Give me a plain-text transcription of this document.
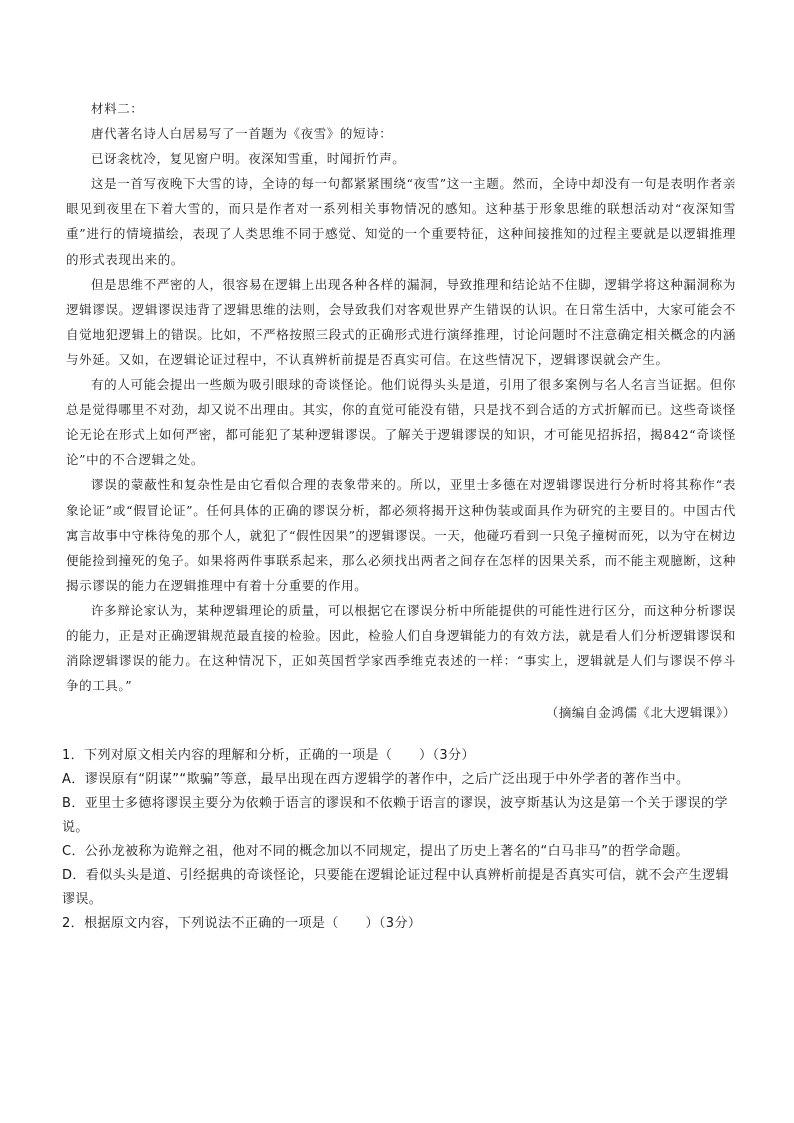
材料二：

唐代著名诗人白居易写了一首题为《夜雪》的短诗：

已讶衾枕冷，复见窗户明。夜深知雪重，时闻折竹声。

这是一首写夜晚下大雪的诗，全诗的每一句都紧紧围绕“夜雪”这一主题。然而，全诗中却没有一句是表明作者亲眼见到夜里在下着大雪的，而只是作者对一系列相关事物情况的感知。这种基于形象思维的联想活动对“夜深知雪重”进行的情境描绘，表现了人类思维不同于感觉、知觉的一个重要特征，这种间接推知的过程主要就是以逻辑推理的形式表现出来的。

但是思维不严密的人，很容易在逻辑上出现各种各样的漏洞，导致推理和结论站不住脚，逻辑学将这种漏洞称为逻辑谬误。逻辑谬误违背了逻辑思维的法则，会导致我们对客观世界产生错误的认识。在日常生活中，大家可能会不自觉地犯逻辑上的错误。比如，不严格按照三段式的正确形式进行演绎推理，讨论问题时不注意确定相关概念的内涵与外延。又如，在逻辑论证过程中，不认真辨析前提是否真实可信。在这些情况下，逻辑谬误就会产生。

有的人可能会提出一些颇为吸引眼球的奇谈怪论。他们说得头头是道，引用了很多案例与名人名言当证据。但你总是觉得哪里不对劲，却又说不出理由。其实，你的直觉可能没有错，只是找不到合适的方式折解而已。这些奇谈怪论无论在形式上如何严密，都可能犯了某种逻辑谬误。了解关于逻辑谬误的知识，才可能见招拆招，揭842“奇谈怪论”中的不合逻辑之处。

谬误的蒙蔽性和复杂性是由它看似合理的表象带来的。所以，亚里士多德在对逻辑谬误进行分析时将其称作“表象论证”或“假冒论证”。任何具体的正确的谬误分析，都必须将揭开这种伪装或面具作为研究的主要目的。中国古代寓言故事中守株待兔的那个人，就犯了“假性因果”的逻辑谬误。一天，他碰巧看到一只兔子撞树而死，以为守在树边便能捡到撞死的兔子。如果将两件事联系起来，那么必须找出两者之间存在怎样的因果关系，而不能主观臆断，这种揭示谬误的能力在逻辑推理中有着十分重要的作用。

许多辩论家认为，某种逻辑理论的质量，可以根据它在谬误分析中所能提供的可能性进行区分，而这种分析谬误的能力，正是对正确逻辑规范最直接的检验。因此，检验人们自身逻辑能力的有效方法，就是看人们分析逻辑谬误和消除逻辑谬误的能力。在这种情况下，正如英国哲学家西季维克表述的一样：“事实上，逻辑就是人们与谬误不停斗争的工具。”

（摘编自金鸿儒《北大逻辑课》）

1．下列对原文相关内容的理解和分析，正确的一项是（　　）（3分）

A．谬误原有“阴谋”“欺骗”等意，最早出现在西方逻辑学的著作中，之后广泛出现于中外学者的著作当中。

B．亚里士多德将谬误主要分为依赖于语言的谬误和不依赖于语言的谬误，波亨斯基认为这是第一个关于谬误的学说。

C．公孙龙被称为诡辩之祖，他对不同的概念加以不同规定，提出了历史上著名的“白马非马”的哲学命题。

D．看似头头是道、引经据典的奇谈怪论，只要能在逻辑论证过程中认真辨析前提是否真实可信，就不会产生逻辑谬误。

2．根据原文内容，下列说法不正确的一项是（　　）（3分）
